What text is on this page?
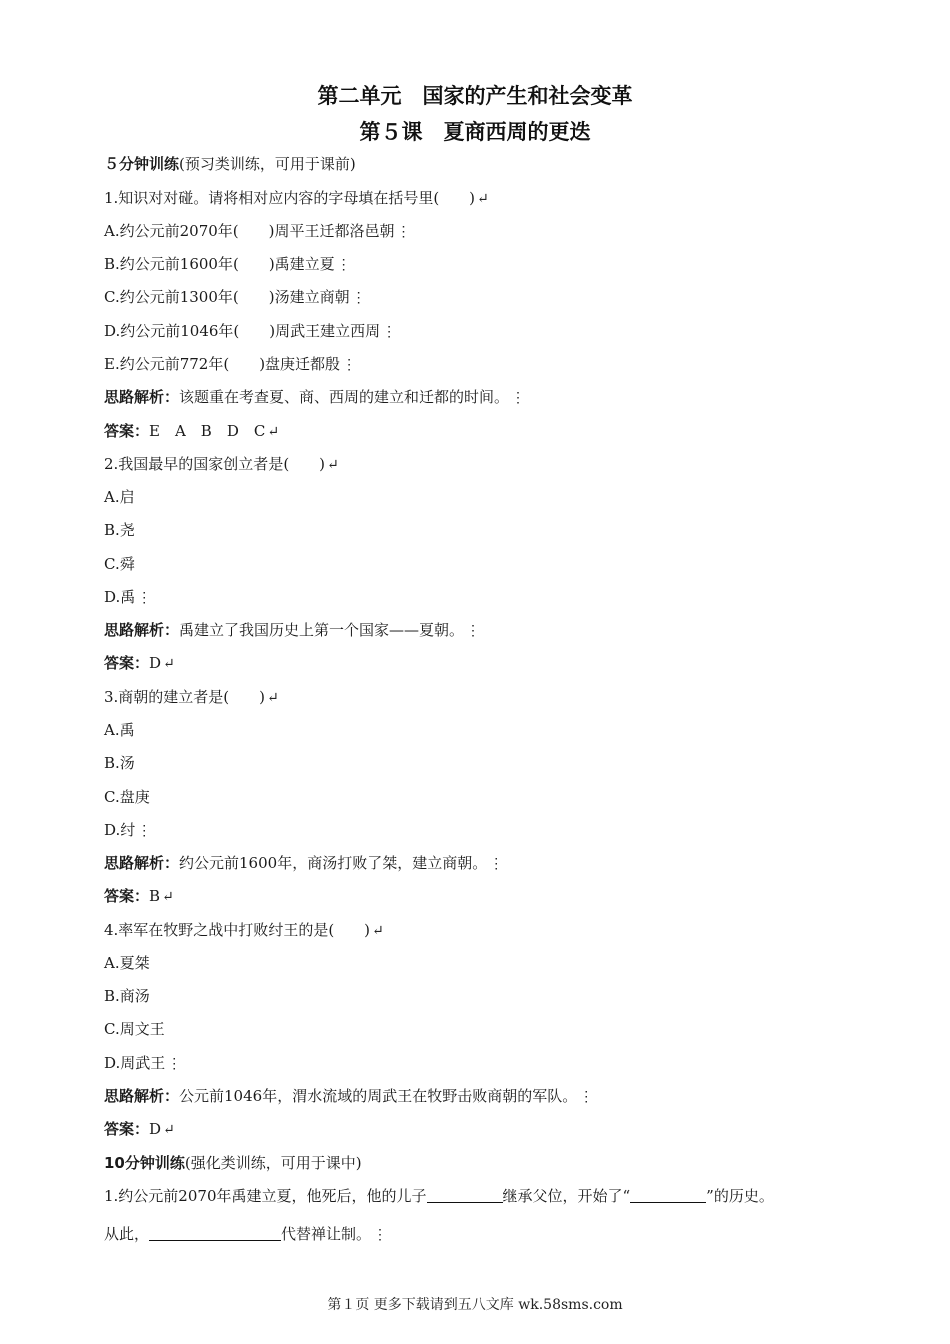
第二单元　国家的产生和社会变革
第５课　夏商西周的更迭
５分钟训练(预习类训练，可用于课前)
1.知识对对碰。请将相对应内容的字母填在括号里(　　) ↵
A.约公元前2070年(　　)周平王迁都洛邑朝 ⋮
B.约公元前1600年(　　)禹建立夏 ⋮
C.约公元前1300年(　　)汤建立商朝 ⋮
D.约公元前1046年(　　)周武王建立西周 ⋮
E.约公元前772年(　　)盘庚迁都殷 ⋮
思路解析：该题重在考查夏、商、西周的建立和迁都的时间。 ⋮
答案：E　A　B　D　C ↵
2.我国最早的国家创立者是(　　) ↵
A.启
B.尧
C.舜
D.禹 ⋮
思路解析：禹建立了我国历史上第一个国家——夏朝。 ⋮
答案：D ↵
3.商朝的建立者是(　　) ↵
A.禹
B.汤
C.盘庚
D.纣 ⋮
思路解析：约公元前1600年，商汤打败了桀，建立商朝。 ⋮
答案：B ↵
4.率军在牧野之战中打败纣王的是(　　) ↵
A.夏桀
B.商汤
C.周文王
D.周武王 ⋮
思路解析：公元前1046年，渭水流域的周武王在牧野击败商朝的军队。 ⋮
答案：D ↵
10分钟训练(强化类训练，可用于课中)
1.约公元前2070年禹建立夏，他死后，他的儿子	继承父位，开始了“	”的历史。
从此，	代替禅让制。 ⋮
第１页 更多下载请到五八文库 wk.58sms.com
